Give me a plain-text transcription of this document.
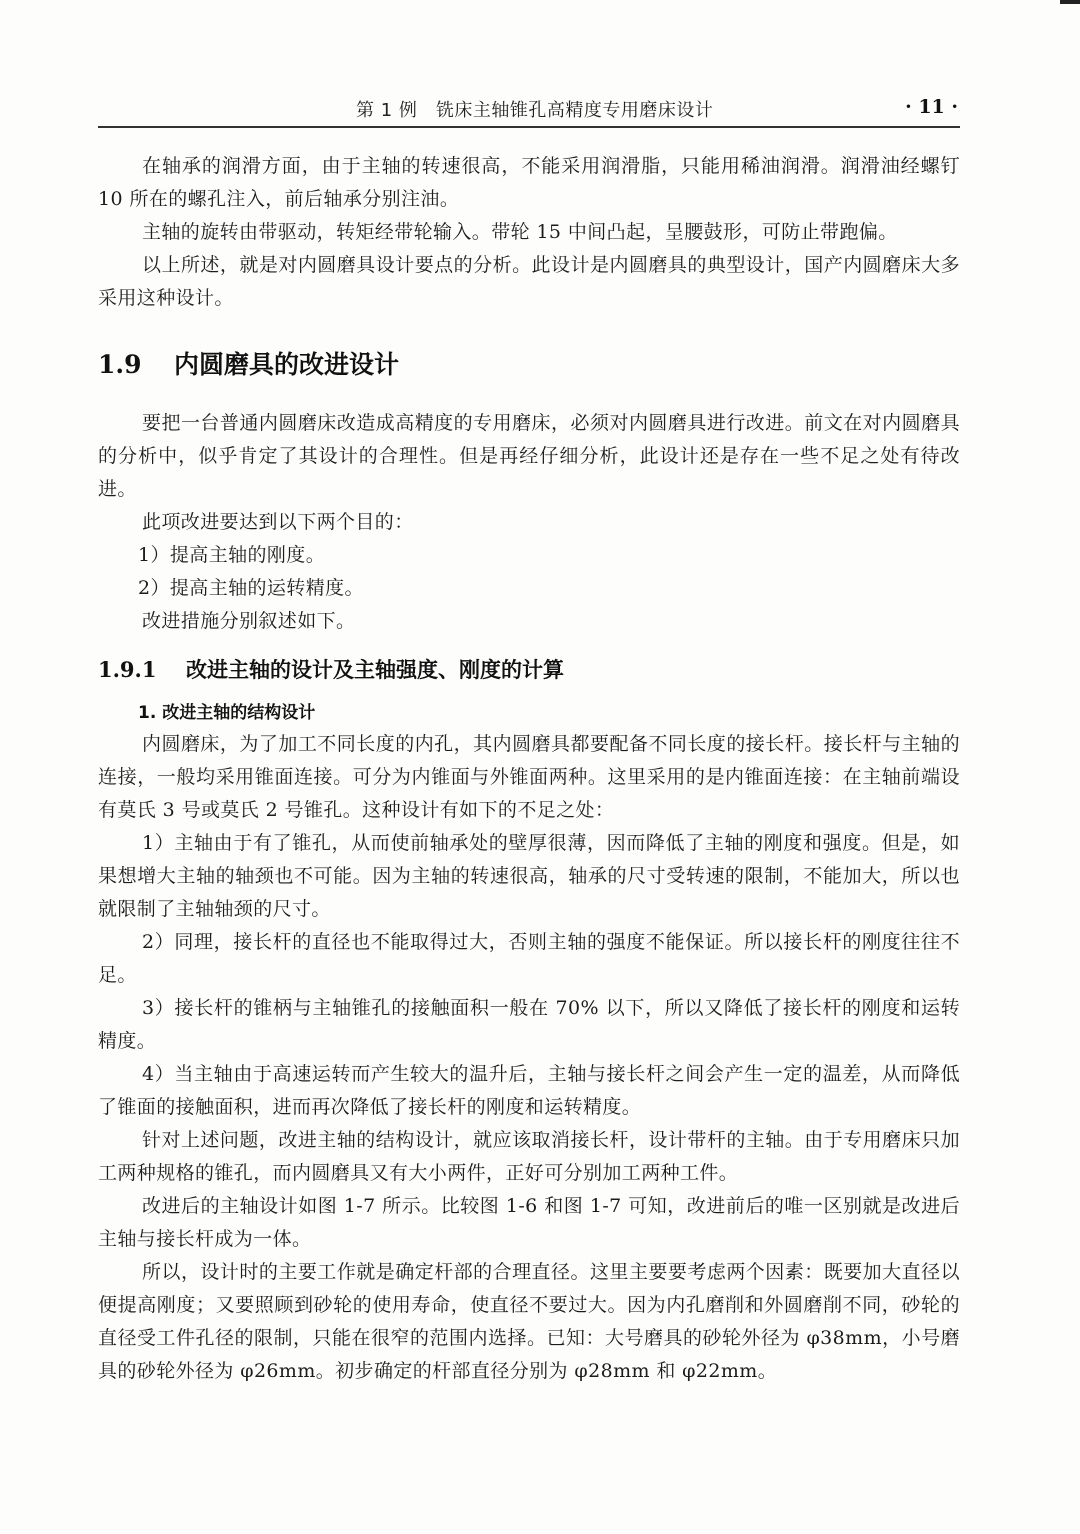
第 1 例　铣床主轴锥孔高精度专用磨床设计	· 11 ·

在轴承的润滑方面，由于主轴的转速很高，不能采用润滑脂，只能用稀油润滑。润滑油经螺钉 10 所在的螺孔注入，前后轴承分别注油。

主轴的旋转由带驱动，转矩经带轮输入。带轮 15 中间凸起，呈腰鼓形，可防止带跑偏。

以上所述，就是对内圆磨具设计要点的分析。此设计是内圆磨具的典型设计，国产内圆磨床大多采用这种设计。

1.9 内圆磨具的改进设计

要把一台普通内圆磨床改造成高精度的专用磨床，必须对内圆磨具进行改进。前文在对内圆磨具的分析中，似乎肯定了其设计的合理性。但是再经仔细分析，此设计还是存在一些不足之处有待改进。

此项改进要达到以下两个目的：

1）提高主轴的刚度。

2）提高主轴的运转精度。

改进措施分别叙述如下。

1.9.1 改进主轴的设计及主轴强度、刚度的计算
1. 改进主轴的结构设计

内圆磨床，为了加工不同长度的内孔，其内圆磨具都要配备不同长度的接长杆。接长杆与主轴的连接，一般均采用锥面连接。可分为内锥面与外锥面两种。这里采用的是内锥面连接：在主轴前端设有莫氏 3 号或莫氏 2 号锥孔。这种设计有如下的不足之处：

1）主轴由于有了锥孔，从而使前轴承处的壁厚很薄，因而降低了主轴的刚度和强度。但是，如果想增大主轴的轴颈也不可能。因为主轴的转速很高，轴承的尺寸受转速的限制，不能加大，所以也就限制了主轴轴颈的尺寸。

2）同理，接长杆的直径也不能取得过大，否则主轴的强度不能保证。所以接长杆的刚度往往不足。

3）接长杆的锥柄与主轴锥孔的接触面积一般在 70% 以下，所以又降低了接长杆的刚度和运转精度。

4）当主轴由于高速运转而产生较大的温升后，主轴与接长杆之间会产生一定的温差，从而降低了锥面的接触面积，进而再次降低了接长杆的刚度和运转精度。

针对上述问题，改进主轴的结构设计，就应该取消接长杆，设计带杆的主轴。由于专用磨床只加工两种规格的锥孔，而内圆磨具又有大小两件，正好可分别加工两种工件。

改进后的主轴设计如图 1-7 所示。比较图 1-6 和图 1-7 可知，改进前后的唯一区别就是改进后主轴与接长杆成为一体。

所以，设计时的主要工作就是确定杆部的合理直径。这里主要要考虑两个因素：既要加大直径以便提高刚度；又要照顾到砂轮的使用寿命，使直径不要过大。因为内孔磨削和外圆磨削不同，砂轮的直径受工件孔径的限制，只能在很窄的范围内选择。已知：大号磨具的砂轮外径为 φ38mm，小号磨具的砂轮外径为 φ26mm。初步确定的杆部直径分别为 φ28mm 和 φ22mm。
